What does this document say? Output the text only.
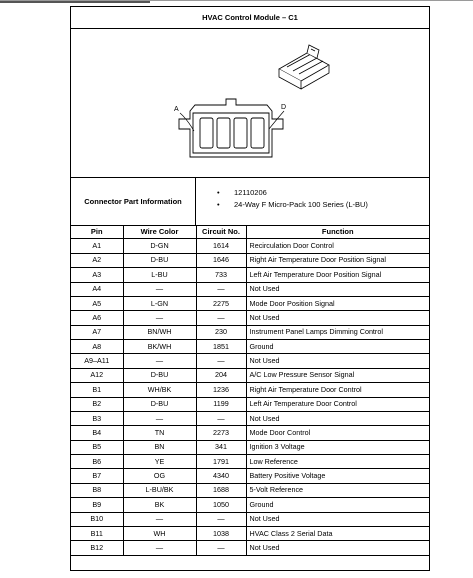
HVAC Control Module – C1
A	D
Connector Part Information
• 12110206
• 24-Way F Micro-Pack 100 Series (L-BU)
Pin	Wire Color	Circuit No.	Function
A1	D-GN	1614	Recirculation Door Control
A2	D-BU	1646	Right Air Temperature Door Position Signal
A3	L-BU	733	Left Air Temperature Door Position Signal
A4	—	—	Not Used
A5	L-GN	2275	Mode Door Position Signal
A6	—	—	Not Used
A7	BN/WH	230	Instrument Panel Lamps Dimming Control
A8	BK/WH	1851	Ground
A9–A11	—	—	Not Used
A12	D-BU	204	A/C Low Pressure Sensor Signal
B1	WH/BK	1236	Right Air Temperature Door Control
B2	D-BU	1199	Left Air Temperature Door Control
B3	—	—	Not Used
B4	TN	2273	Mode Door Control
B5	BN	341	Ignition 3 Voltage
B6	YE	1791	Low Reference
B7	OG	4340	Battery Positive Voltage
B8	L-BU/BK	1688	5-Volt Reference
B9	BK	1050	Ground
B10	—	—	Not Used
B11	WH	1038	HVAC Class 2 Serial Data
B12	—	—	Not Used
